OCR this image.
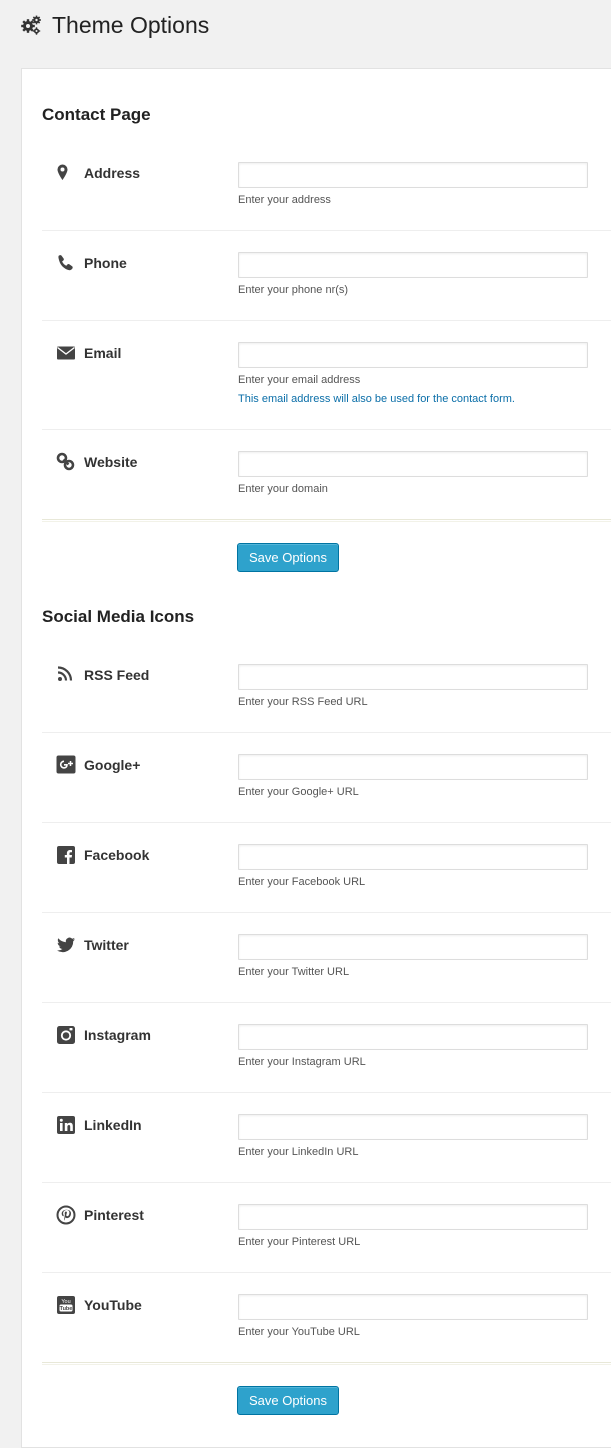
Theme Options
Contact Page
Address
Enter your address
Phone
Enter your phone nr(s)
Email
Enter your email address
This email address will also be used for the contact form.
Website
Enter your domain
Save Options
Social Media Icons
RSS Feed
Enter your RSS Feed URL
Google+
Enter your Google+ URL
Facebook
Enter your Facebook URL
Twitter
Enter your Twitter URL
Instagram
Enter your Instagram URL
LinkedIn
Enter your LinkedIn URL
Pinterest
Enter your Pinterest URL
You
Tube YouTube
Enter your YouTube URL
Save Options
